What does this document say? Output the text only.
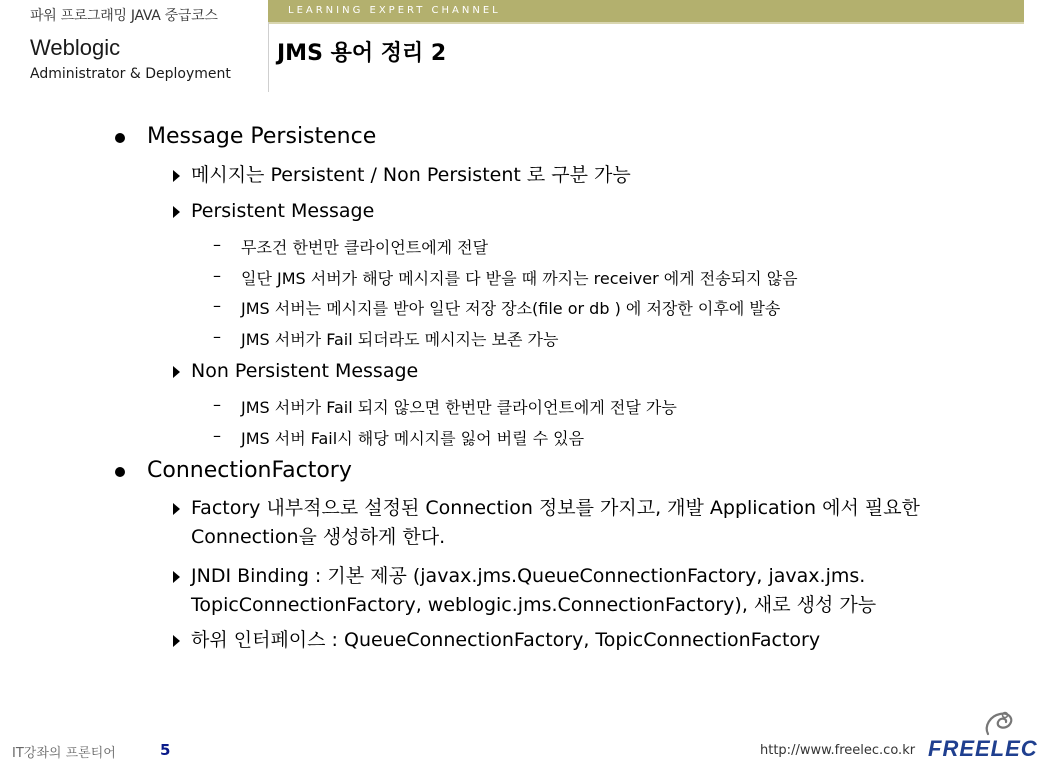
파워 프로그래밍 JAVA 중급코스
Weblogic
Administrator & Deployment
LEARNING EXPERT CHANNEL
JMS 용어 정리 2
Message Persistence
메시지는 Persistent / Non Persistent 로 구분 가능
Persistent Message
– 무조건 한번만 클라이언트에게 전달
– 일단 JMS 서버가 해당 메시지를 다 받을 때 까지는 receiver 에게 전송되지 않음
– JMS 서버는 메시지를 받아 일단 저장 장소(file or db ) 에 저장한 이후에 발송
– JMS 서버가 Fail 되더라도 메시지는 보존 가능
Non Persistent Message
– JMS 서버가 Fail 되지 않으면 한번만 클라이언트에게 전달 가능
– JMS 서버 Fail시 해당 메시지를 잃어 버릴 수 있음
ConnectionFactory
Factory 내부적으로 설정된 Connection 정보를 가지고, 개발 Application 에서 필요한 Connection을 생성하게 한다.
JNDI Binding : 기본 제공 (javax.jms.QueueConnectionFactory, javax.jms. TopicConnectionFactory, weblogic.jms.ConnectionFactory), 새로 생성 가능
하위 인터페이스 : QueueConnectionFactory, TopicConnectionFactory
IT강좌의 프론티어	5	http://www.freelec.co.kr FREELEC
